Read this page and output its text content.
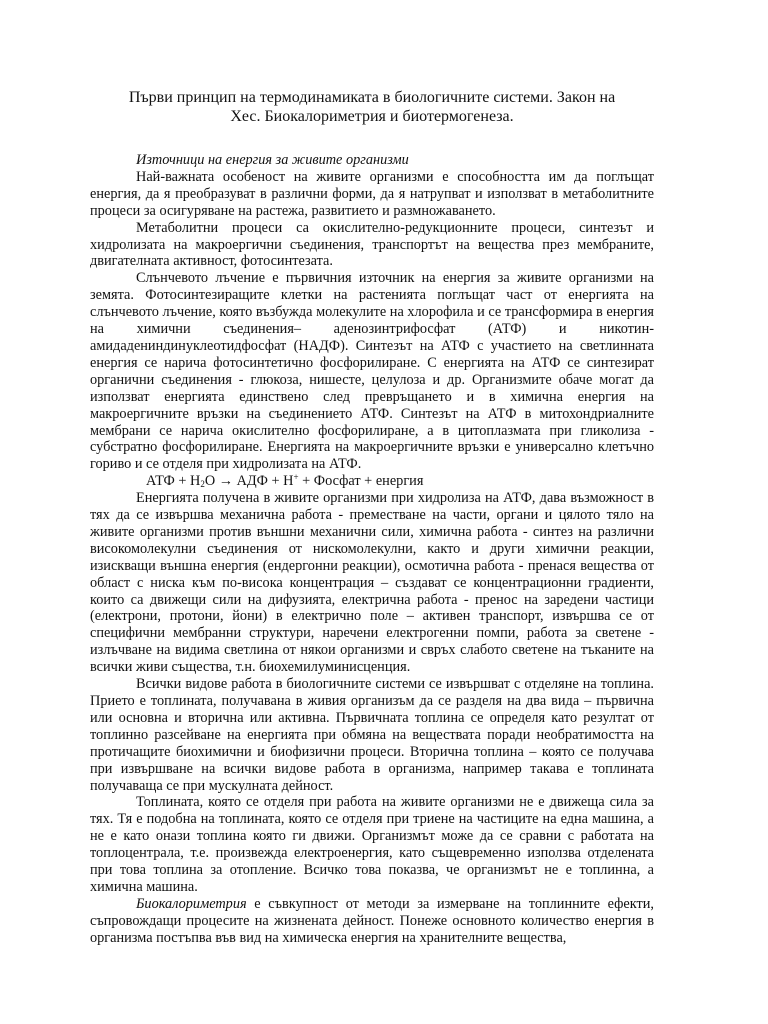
Първи принцип на термодинамиката в биологичните системи. Закон на
Хес. Биокалориметрия и биотермогенеза.
Източници на енергия за живите организми

Най-важната особеност на живите организми е способността им да поглъщат енергия, да я преобразуват в различни форми, да я натрупват и използват в метаболитните процеси за осигуряване на растежа, развитието и размножаването.

Метаболитни процеси са окислително-редукционните процеси, синтезът и хидролизата на макроергични съединения, транспортът на вещества през мембраните, двигателната активност, фотосинтезата.

Слънчевото лъчение е първичния източник на енергия за живите организми на земята. Фотосинтезиращите клетки на растенията поглъщат част от енергията на слънчевото лъчение, която възбужда молекулите на хлорофила и се трансформира в енергия на химични съединения– аденозинтрифосфат (АТФ) и никотин-амидадениндинуклеотидфосфат (НАДФ). Синтезът на АТФ с участието на светлинната енергия се нарича фотосинтетично фосфорилиране. С енергията на АТФ се синтезират органични съединения - глюкоза, нишесте, целулоза и др. Организмите обаче могат да използват енергията единствено след превръщането и в химична енергия на макроергичните връзки на съединението АТФ. Синтезът на АТФ в митохондриалните мембрани се нарича окислително фосфорилиране, а в цитоплазмата при гликолиза - субстратно фосфорилиране. Енергията на макроергичните връзки е универсално клетъчно гориво и се отделя при хидролизата на АТФ.

АТФ + $Н_2О$ → АДФ + Н+ + Фосфат + енергия

Енергията получена в живите организми при хидролиза на АТФ, дава възможност в тях да се извършва механична работа - преместване на части, органи и цялото тяло на живите организми против външни механични сили, химична работа - синтез на различни високомолекулни съединения от нискомолекулни, както и други химични реакции, изискващи външна енергия (ендергонни реакции), осмотична работа - пренася вещества от област с ниска към по-висока концентрация – създават се концентрационни градиенти, които са движещи сили на дифузията, електрична работа - пренос на заредени частици (електрони, протони, йони) в електрично поле – активен транспорт, извършва се от специфични мембранни структури, наречени електрогенни помпи, работа за светене - излъчване на видима светлина от някои организми и свръх слабото светене на тъканите на всички живи същества, т.н. биохемилуминисценция.

Всички видове работа в биологичните системи се извършват с отделяне на топлина. Прието е топлината, получавана в живия организъм да се разделя на два вида – първична или основна и вторична или активна. Първичната топлина се определя като резултат от топлинно разсейване на енергията при обмяна на веществата поради необратимостта на протичащите биохимични и биофизични процеси. Вторична топлина – която се получава при извършване на всички видове работа в организма, например такава е топлината получаваща се при мускулната дейност.

Топлината, която се отделя при работа на живите организми не е движеща сила за тях. Тя е подобна на топлината, която се отделя при триене на частиците на една машина, а не е като онази топлина която ги движи. Организмът може да се сравни с работата на топлоцентрала, т.е. произвежда електроенергия, като същевременно използва отделената при това топлина за отопление. Всичко това показва, че организмът не е топлинна, а химична машина.

Биокалориметрия е съвкупност от методи за измерване на топлинните ефекти, съпровождащи процесите на жизнената дейност. Понеже основното количество енергия в организма постъпва във вид на химическа енергия на хранителните вещества,
